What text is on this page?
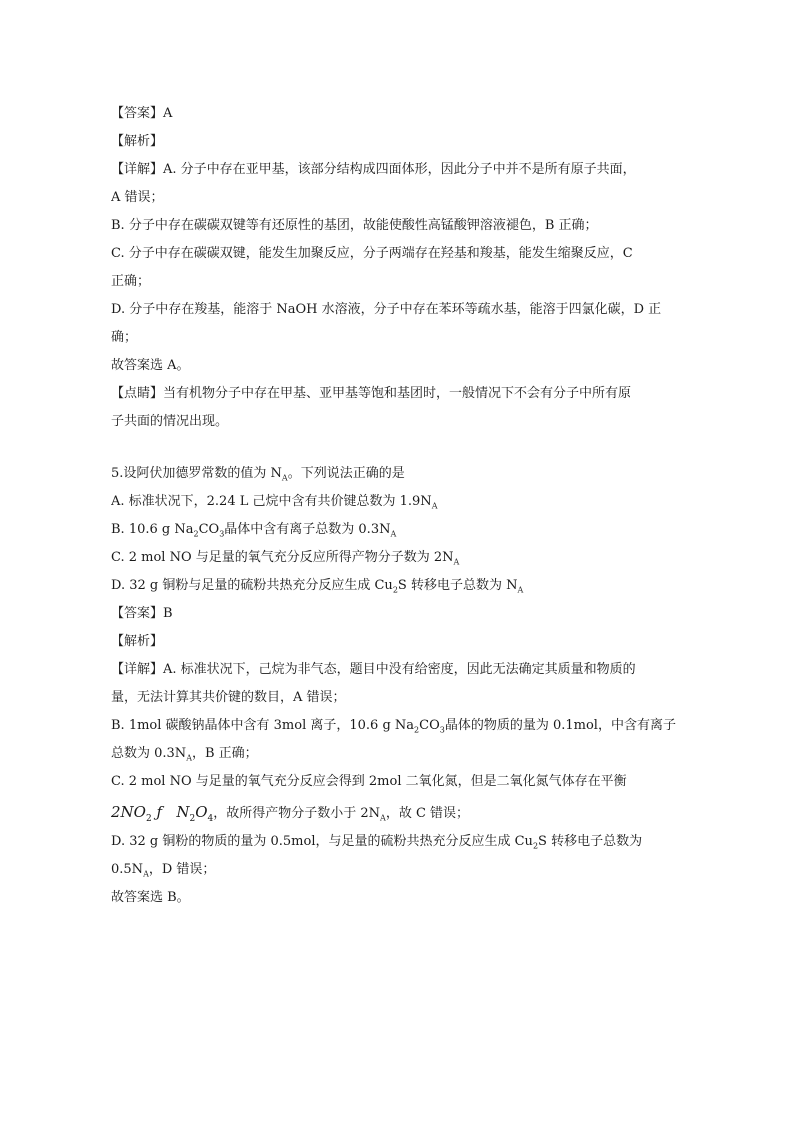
【答案】A
【解析】
【详解】A. 分子中存在亚甲基，该部分结构成四面体形，因此分子中并不是所有原子共面，
A 错误；
B. 分子中存在碳碳双键等有还原性的基团，故能使酸性高锰酸钾溶液褪色，B 正确；
C. 分子中存在碳碳双键，能发生加聚反应，分子两端存在羟基和羧基，能发生缩聚反应，C
正确；
D. 分子中存在羧基，能溶于 NaOH 水溶液，分子中存在苯环等疏水基，能溶于四氯化碳，D 正
确；
故答案选 A。
【点睛】当有机物分子中存在甲基、亚甲基等饱和基团时，一般情况下不会有分子中所有原
子共面的情况出现。
5.设阿伏加德罗常数的值为 $N_A$。下列说法正确的是
A. 标准状况下，2.24 L 己烷中含有共价键总数为 $1.9N_A$
B. 10.6 g $Na_2CO_3$晶体中含有离子总数为 $0.3N_A$
C. 2 mol NO 与足量的氧气充分反应所得产物分子数为 $2N_A$
D. 32 g 铜粉与足量的硫粉共热充分反应生成 $Cu_2S$ 转移电子总数为 $N_A$
【答案】B
【解析】
【详解】A. 标准状况下，己烷为非气态，题目中没有给密度，因此无法确定其质量和物质的
量，无法计算其共价键的数目，A 错误；
B. 1mol 碳酸钠晶体中含有 3mol 离子，10.6 g $Na_2CO_3$晶体的物质的量为 0.1mol，中含有离子
总数为 $0.3N_A$，B 正确；
C. 2 mol NO 与足量的氧气充分反应会得到 2mol 二氧化氮，但是二氧化氮气体存在平衡
$2NO_2$ ƒ $N_2O_4$，故所得产物分子数小于 $2N_A$，故 C 错误；
D. 32 g 铜粉的物质的量为 0.5mol，与足量的硫粉共热充分反应生成 $Cu_2S$ 转移电子总数为
$0.5N_A$，D 错误；
故答案选 B。
